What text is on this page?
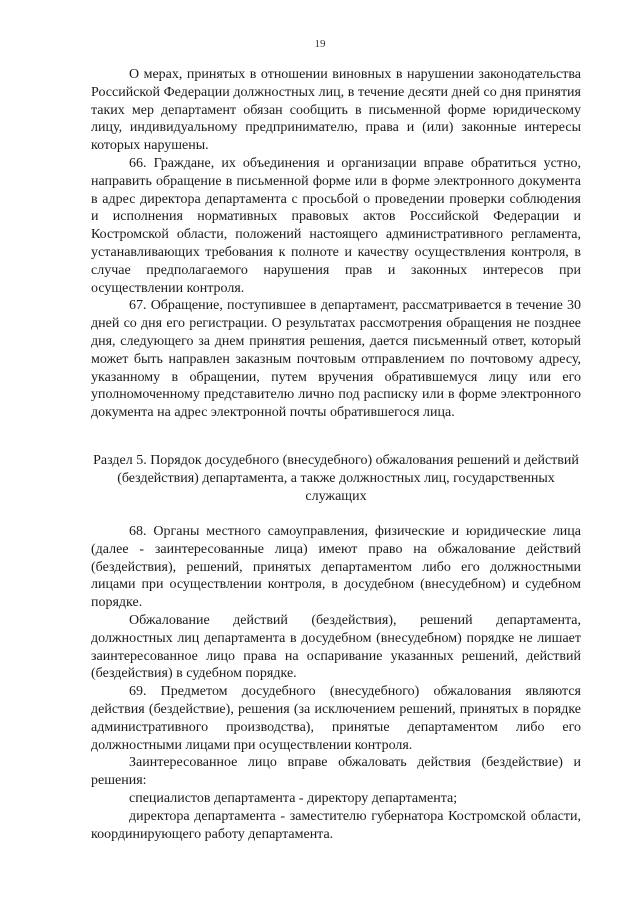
19

О мерах, принятых в отношении виновных в нарушении законодательства Российской Федерации должностных лиц, в течение десяти дней со дня принятия таких мер департамент обязан сообщить в письменной форме юридическому лицу, индивидуальному предпринимателю, права и (или) законные интересы которых нарушены.

66. Граждане, их объединения и организации вправе обратиться устно, направить обращение в письменной форме или в форме электронного документа в адрес директора департамента с просьбой о проведении проверки соблюдения и исполнения нормативных правовых актов Российской Федерации и Костромской области, положений настоящего административного регламента, устанавливающих требования к полноте и качеству осуществления контроля, в случае предполагаемого нарушения прав и законных интересов при осуществлении контроля.

67. Обращение, поступившее в департамент, рассматривается в течение 30 дней со дня его регистрации. О результатах рассмотрения обращения не позднее дня, следующего за днем принятия решения, дается письменный ответ, который может быть направлен заказным почтовым отправлением по почтовому адресу, указанному в обращении, путем вручения обратившемуся лицу или его уполномоченному представителю лично под расписку или в форме электронного документа на адрес электронной почты обратившегося лица.

Раздел 5. Порядок досудебного (внесудебного) обжалования решений и действий (бездействия) департамента, а также должностных лиц, государственных служащих

68. Органы местного самоуправления, физические и юридические лица (далее - заинтересованные лица) имеют право на обжалование действий (бездействия), решений, принятых департаментом либо его должностными лицами при осуществлении контроля, в досудебном (внесудебном) и судебном порядке.

Обжалование действий (бездействия), решений департамента, должностных лиц департамента в досудебном (внесудебном) порядке не лишает заинтересованное лицо права на оспаривание указанных решений, действий (бездействия) в судебном порядке.

69. Предметом досудебного (внесудебного) обжалования являются действия (бездействие), решения (за исключением решений, принятых в порядке административного производства), принятые департаментом либо его должностными лицами при осуществлении контроля.

Заинтересованное лицо вправе обжаловать действия (бездействие) и решения:

специалистов департамента - директору департамента;

директора департамента - заместителю губернатора Костромской области, координирующего работу департамента.
